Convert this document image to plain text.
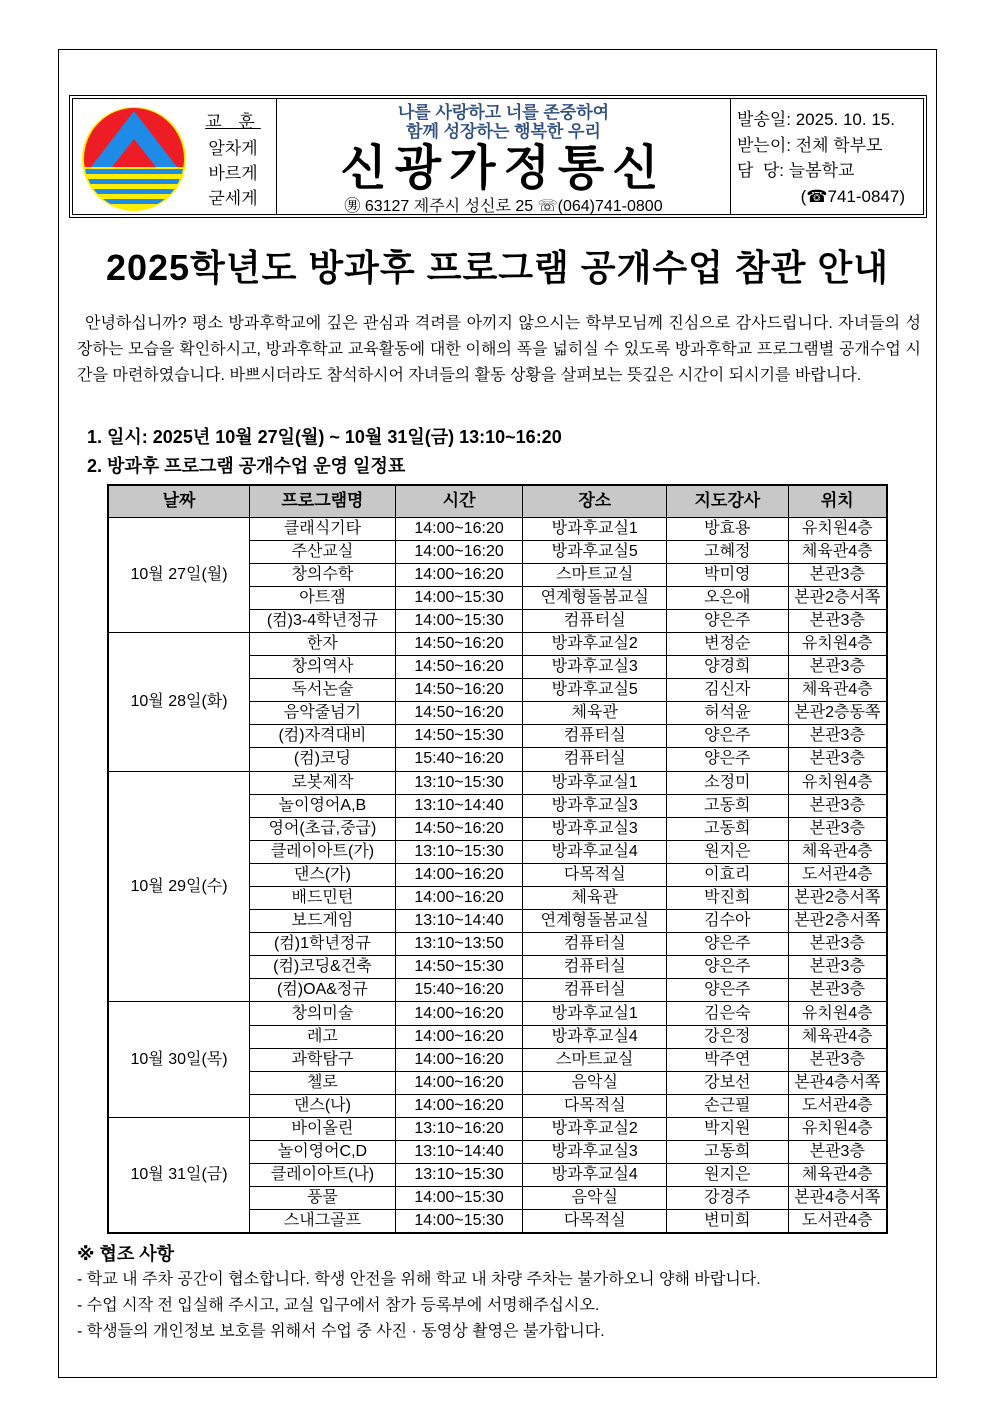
교 훈
알차게
바르게
굳세게
나를 사랑하고 너를 존중하여
함께 성장하는 행복한 우리
신광가정통신
㊚ 63127 제주시 성신로 25 ☏(064)741-0800
발송일: 2025. 10. 15.
받는이: 전체 학부모
담  당: 늘봄학교
(☎741-0847)
2025학년도 방과후 프로그램 공개수업 참관 안내

안녕하십니까? 평소 방과후학교에 깊은 관심과 격려를 아끼지 않으시는 학부모님께 진심으로 감사드립니다. 자녀들의 성장하는 모습을 확인하시고, 방과후학교 교육활동에 대한 이해의 폭을 넓히실 수 있도록 방과후학교 프로그램별 공개수업 시간을 마련하였습니다. 바쁘시더라도 참석하시어 자녀들의 활동 상황을 살펴보는 뜻깊은 시간이 되시기를 바랍니다.

1. 일시: 2025년 10월 27일(월) ~ 10월 31일(금) 13:10~16:20
2. 방과후 프로그램 공개수업 운영 일정표
날짜	프로그램명	시간	장소	지도강사	위치
10월 27일(월)	클래식기타	14:00~16:20	방과후교실1	방효용	유치원4층
	주산교실	14:00~16:20	방과후교실5	고혜정	체육관4층
	창의수학	14:00~16:20	스마트교실	박미영	본관3층
	아트잼	14:00~15:30	연계형돌봄교실	오은애	본관2층서쪽
	(컴)3-4학년정규	14:00~15:30	컴퓨터실	양은주	본관3층
10월 28일(화)	한자	14:50~16:20	방과후교실2	변정순	유치원4층
	창의역사	14:50~16:20	방과후교실3	양경희	본관3층
	독서논술	14:50~16:20	방과후교실5	김신자	체육관4층
	음악줄넘기	14:50~16:20	체육관	허석윤	본관2층동쪽
	(컴)자격대비	14:50~15:30	컴퓨터실	양은주	본관3층
	(컴)코딩	15:40~16:20	컴퓨터실	양은주	본관3층
10월 29일(수)	로봇제작	13:10~15:30	방과후교실1	소정미	유치원4층
	놀이영어A,B	13:10~14:40	방과후교실3	고동희	본관3층
	영어(초급,중급)	14:50~16:20	방과후교실3	고동희	본관3층
	클레이아트(가)	13:10~15:30	방과후교실4	원지은	체육관4층
	댄스(가)	14:00~16:20	다목적실	이효리	도서관4층
	배드민턴	14:00~16:20	체육관	박진희	본관2층서쪽
	보드게임	13:10~14:40	연계형돌봄교실	김수아	본관2층서쪽
	(컴)1학년정규	13:10~13:50	컴퓨터실	양은주	본관3층
	(컴)코딩&건축	14:50~15:30	컴퓨터실	양은주	본관3층
	(컴)OA&정규	15:40~16:20	컴퓨터실	양은주	본관3층
10월 30일(목)	창의미술	14:00~16:20	방과후교실1	김은숙	유치원4층
	레고	14:00~16:20	방과후교실4	강은정	체육관4층
	과학탐구	14:00~16:20	스마트교실	박주연	본관3층
	첼로	14:00~16:20	음악실	강보선	본관4층서쪽
	댄스(나)	14:00~16:20	다목적실	손근필	도서관4층
10월 31일(금)	바이올린	13:10~16:20	방과후교실2	박지원	유치원4층
	놀이영어C,D	13:10~14:40	방과후교실3	고동희	본관3층
	클레이아트(나)	13:10~15:30	방과후교실4	원지은	체육관4층
	풍물	14:00~15:30	음악실	강경주	본관4층서쪽
	스내그골프	14:00~15:30	다목적실	변미희	도서관4층
※ 협조 사항
- 학교 내 주차 공간이 협소합니다. 학생 안전을 위해 학교 내 차량 주차는 불가하오니 양해 바랍니다.
- 수업 시작 전 입실해 주시고, 교실 입구에서 참가 등록부에 서명해주십시오.
- 학생들의 개인정보 보호를 위해서 수업 중 사진 · 동영상 촬영은 불가합니다.
